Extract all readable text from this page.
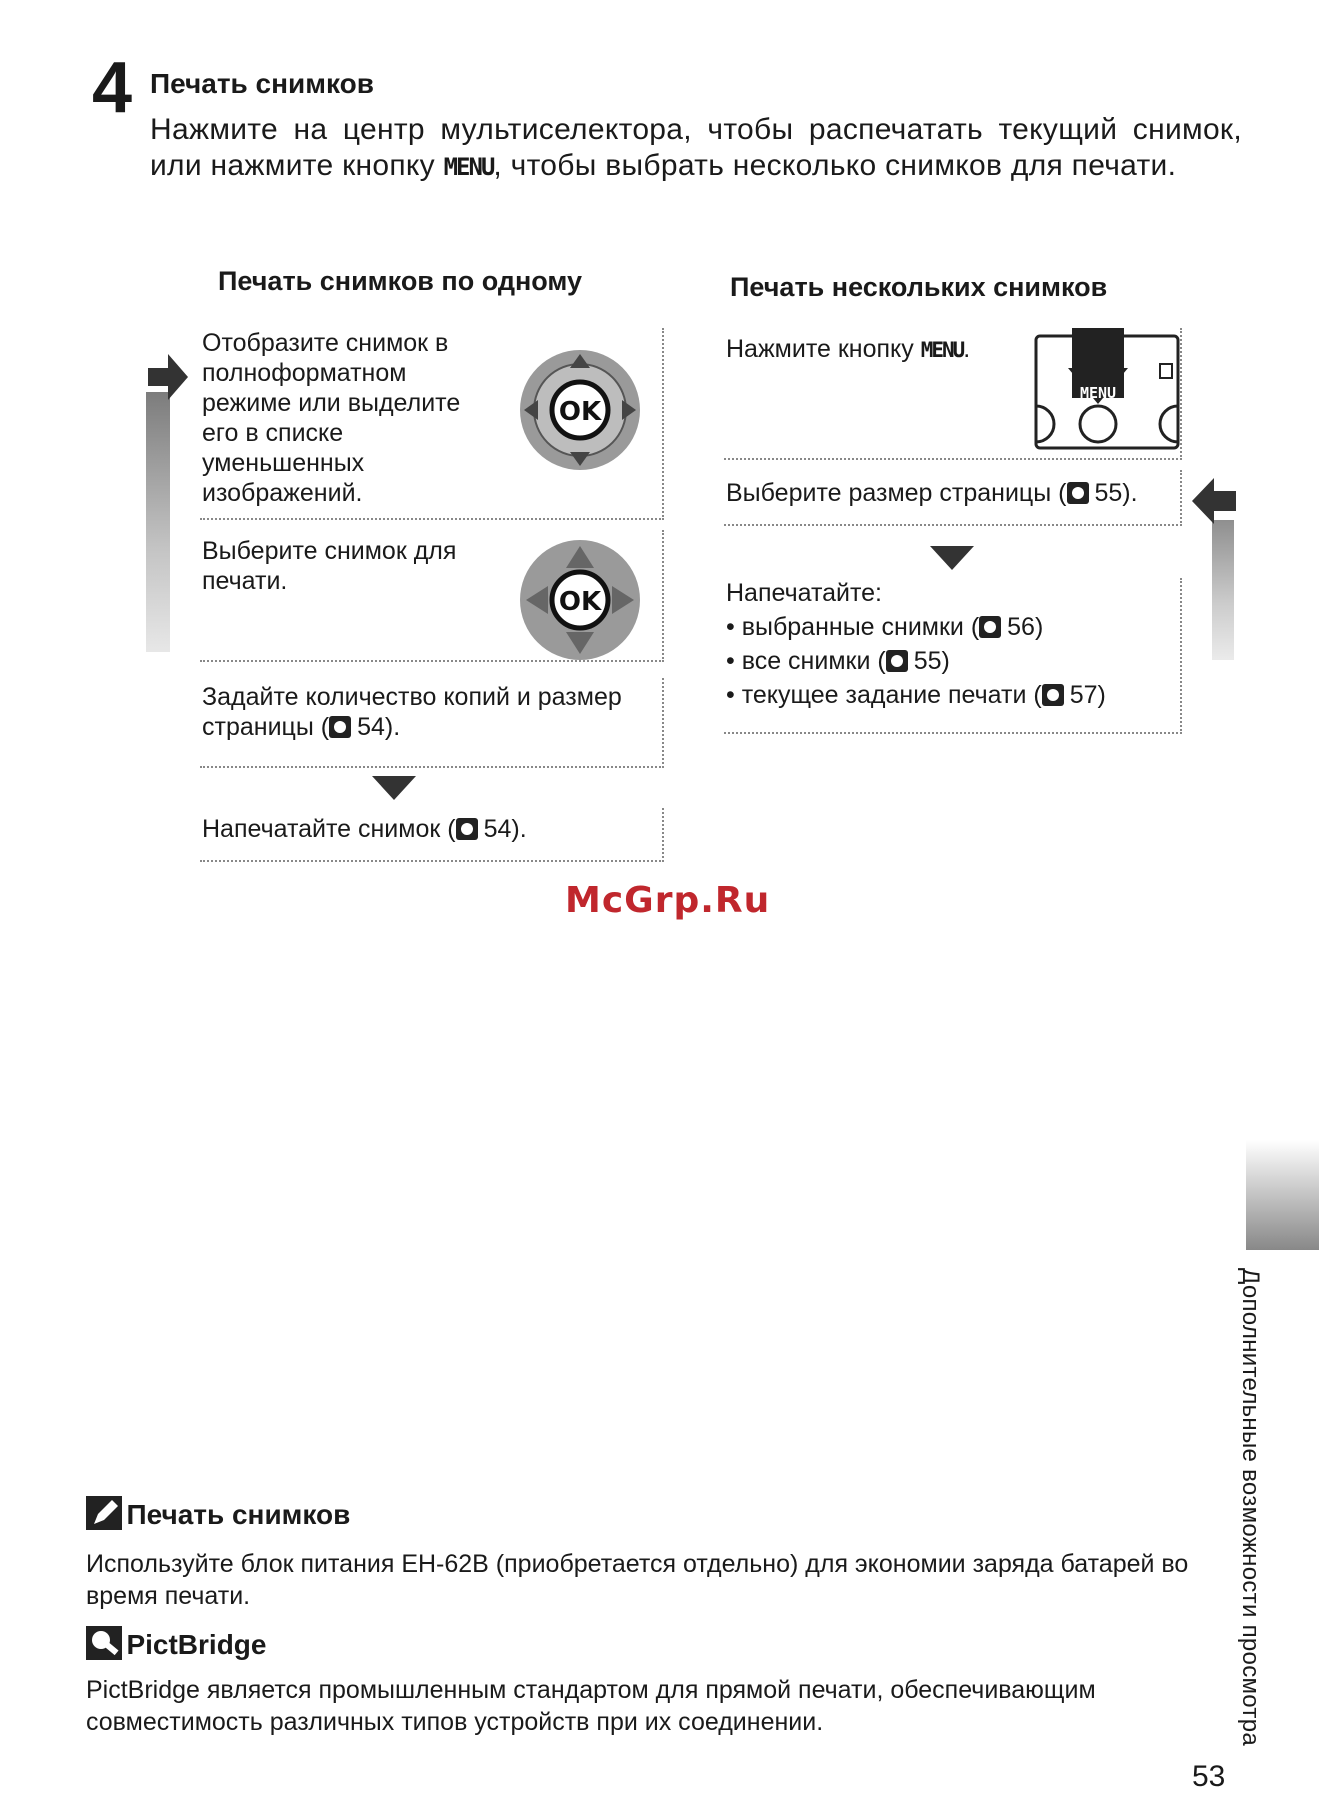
4 Печать снимков
Нажмите на центр мультиселектора, чтобы распечатать текущий снимок, или нажмите кнопку MENU, чтобы выбрать несколько снимков для печати.
Печать снимков по одному
Отобразите снимок в полноформатном режиме или выделите его в списке уменьшенных изображений.
OK
Выберите снимок для печати.
OK
Задайте количество копий и размер страницы ( 54).
Напечатайте снимок ( 54).
Печать нескольких снимков
Нажмите кнопку MENU.
MENU
Выберите размер страницы ( 55).
Напечатайте:
• выбранные снимки ( 56)
• все снимки ( 55)
• текущее задание печати ( 57)
McGrp.Ru
Дополнительные возможности просмотра
Печать снимков
Используйте блок питания EH-62B (приобретается отдельно) для экономии заряда батарей во время печати.
PictBridge
PictBridge является промышленным стандартом для прямой печати, обеспечивающим совместимость различных типов устройств при их соединении.
53
